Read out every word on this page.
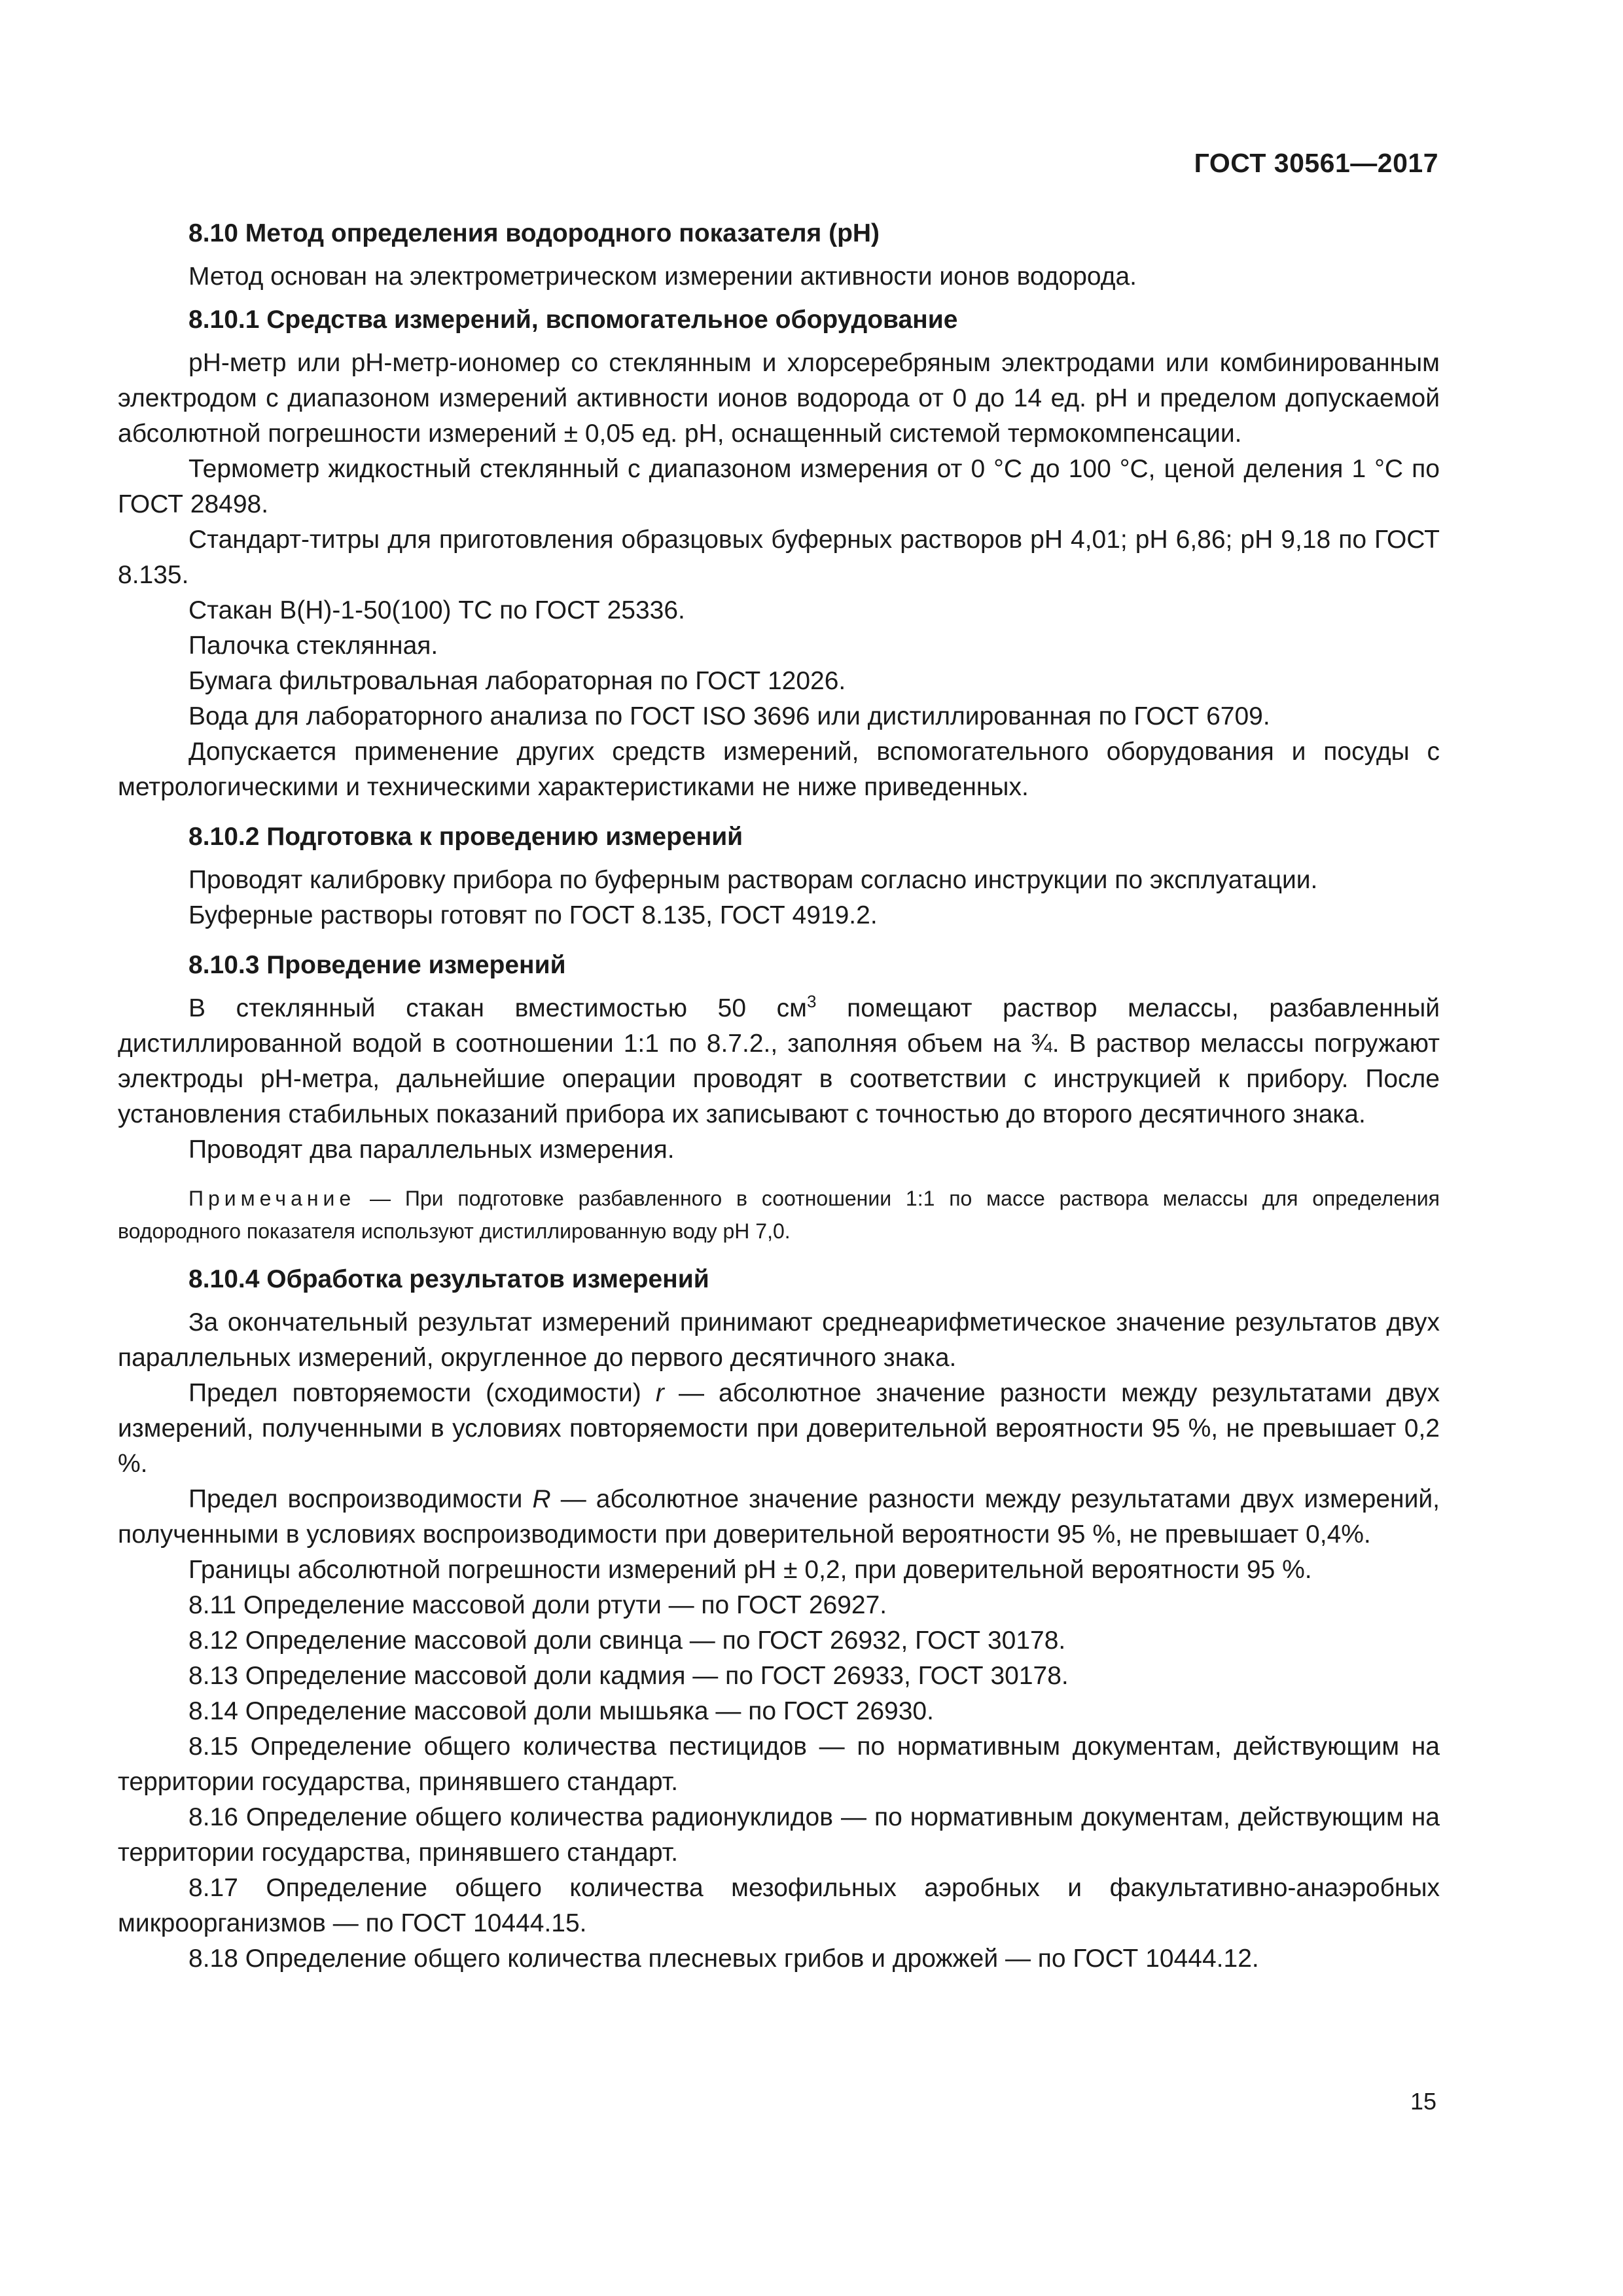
ГОСТ 30561—2017
8.10 Метод определения водородного показателя (pH)

Метод основан на электрометрическом измерении активности ионов водорода.

8.10.1 Средства измерений, вспомогательное оборудование

pH-метр или pH-метр-иономер со стеклянным и хлорсеребряным электродами или комбинированным электродом с диапазоном измерений активности ионов водорода от 0 до 14 ед. pH и пределом допускаемой абсолютной погрешности измерений ± 0,05 ед. pH, оснащенный системой термокомпенсации.

Термометр жидкостный стеклянный с диапазоном измерения от 0 °С до 100 °С, ценой деления 1 °С по ГОСТ 28498.

Стандарт-титры для приготовления образцовых буферных растворов pH 4,01; pH 6,86; pH 9,18 по ГОСТ 8.135.

Стакан В(Н)-1-50(100) ТС по ГОСТ 25336.

Палочка стеклянная.

Бумага фильтровальная лабораторная по ГОСТ 12026.

Вода для лабораторного анализа по ГОСТ ISO 3696 или дистиллированная по ГОСТ 6709.

Допускается применение других средств измерений, вспомогательного оборудования и посуды с метрологическими и техническими характеристиками не ниже приведенных.

8.10.2 Подготовка к проведению измерений

Проводят калибровку прибора по буферным растворам согласно инструкции по эксплуатации.

Буферные растворы готовят по ГОСТ 8.135, ГОСТ 4919.2.

8.10.3 Проведение измерений

В стеклянный стакан вместимостью 50 $см^3$ помещают раствор мелассы, разбавленный дистиллированной водой в соотношении 1:1 по 8.7.2., заполняя объем на ¾. В раствор мелассы погружают электроды pH-метра, дальнейшие операции проводят в соответствии с инструкцией к прибору. После установления стабильных показаний прибора их записывают с точностью до второго десятичного знака.

Проводят два параллельных измерения.

Примечание — При подготовке разбавленного в соотношении 1:1 по массе раствора мелассы для определения водородного показателя используют дистиллированную воду pH 7,0.

8.10.4 Обработка результатов измерений

За окончательный результат измерений принимают среднеарифметическое значение результатов двух параллельных измерений, округленное до первого десятичного знака.

Предел повторяемости (сходимости) r — абсолютное значение разности между результатами двух измерений, полученными в условиях повторяемости при доверительной вероятности 95 %, не превышает 0,2 %.

Предел воспроизводимости R — абсолютное значение разности между результатами двух измерений, полученными в условиях воспроизводимости при доверительной вероятности 95 %, не превышает 0,4%.

Границы абсолютной погрешности измерений pH ± 0,2, при доверительной вероятности 95 %.

8.11 Определение массовой доли ртути — по ГОСТ 26927.

8.12 Определение массовой доли свинца — по ГОСТ 26932, ГОСТ 30178.

8.13 Определение массовой доли кадмия — по ГОСТ 26933, ГОСТ 30178.

8.14 Определение массовой доли мышьяка — по ГОСТ 26930.

8.15 Определение общего количества пестицидов — по нормативным документам, действующим на территории государства, принявшего стандарт.

8.16 Определение общего количества радионуклидов — по нормативным документам, действующим на территории государства, принявшего стандарт.

8.17 Определение общего количества мезофильных аэробных и факультативно-анаэробных микроорганизмов — по ГОСТ 10444.15.

8.18 Определение общего количества плесневых грибов и дрожжей — по ГОСТ 10444.12.

15
